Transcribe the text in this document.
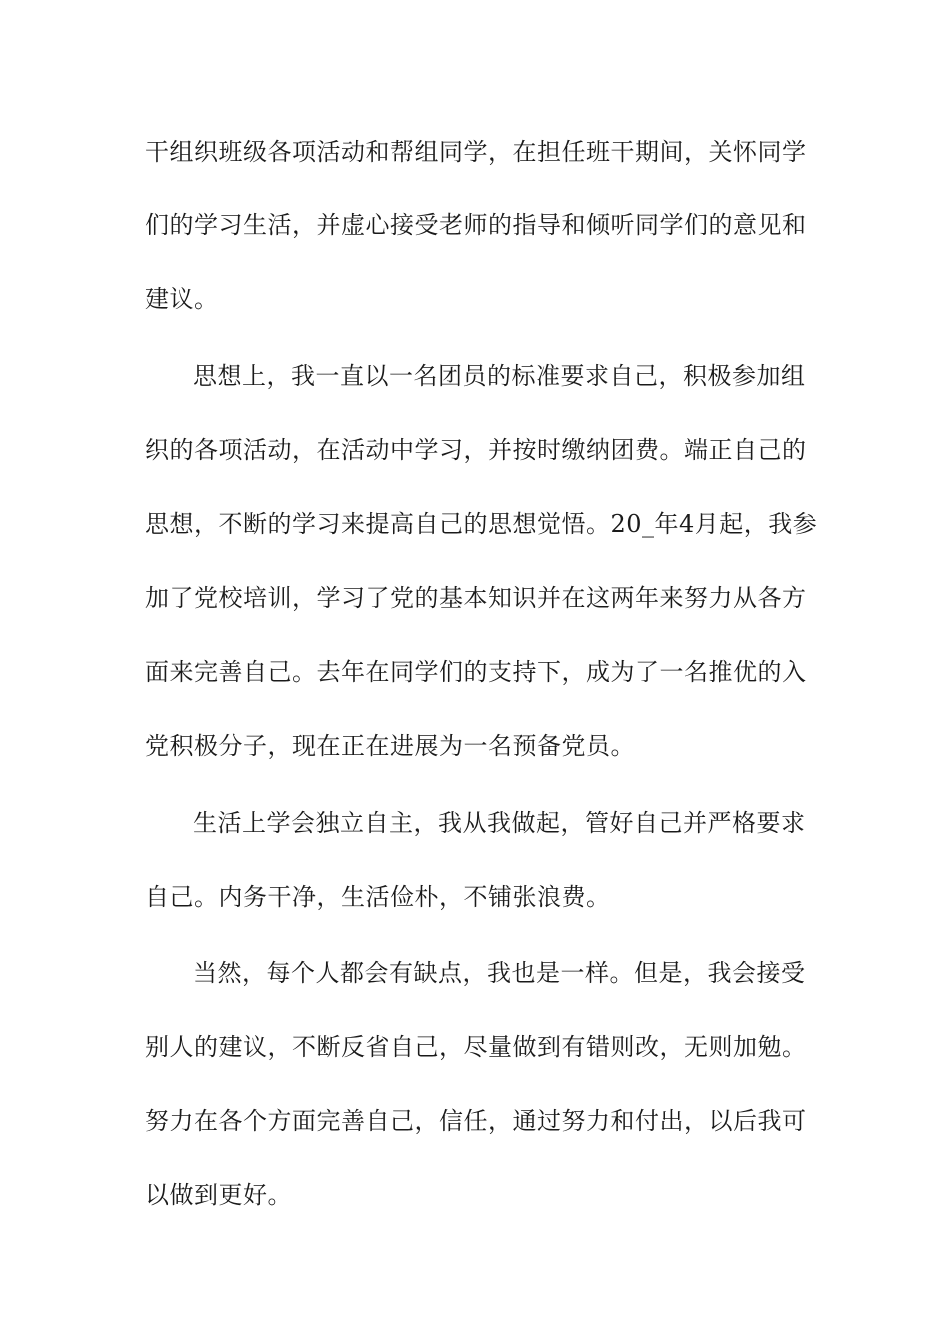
干组织班级各项活动和帮组同学，在担任班干期间，关怀同学
们的学习生活，并虚心接受老师的指导和倾听同学们的意见和
建议。
思想上，我一直以一名团员的标准要求自己，积极参加组
织的各项活动，在活动中学习，并按时缴纳团费。端正自己的
思想，不断的学习来提高自己的思想觉悟。20_年4月起，我参
加了党校培训，学习了党的基本知识并在这两年来努力从各方
面来完善自己。去年在同学们的支持下，成为了一名推优的入
党积极分子，现在正在进展为一名预备党员。
生活上学会独立自主，我从我做起，管好自己并严格要求
自己。内务干净，生活俭朴，不铺张浪费。
当然，每个人都会有缺点，我也是一样。但是，我会接受
别人的建议，不断反省自己，尽量做到有错则改，无则加勉。
努力在各个方面完善自己，信任，通过努力和付出，以后我可
以做到更好。
